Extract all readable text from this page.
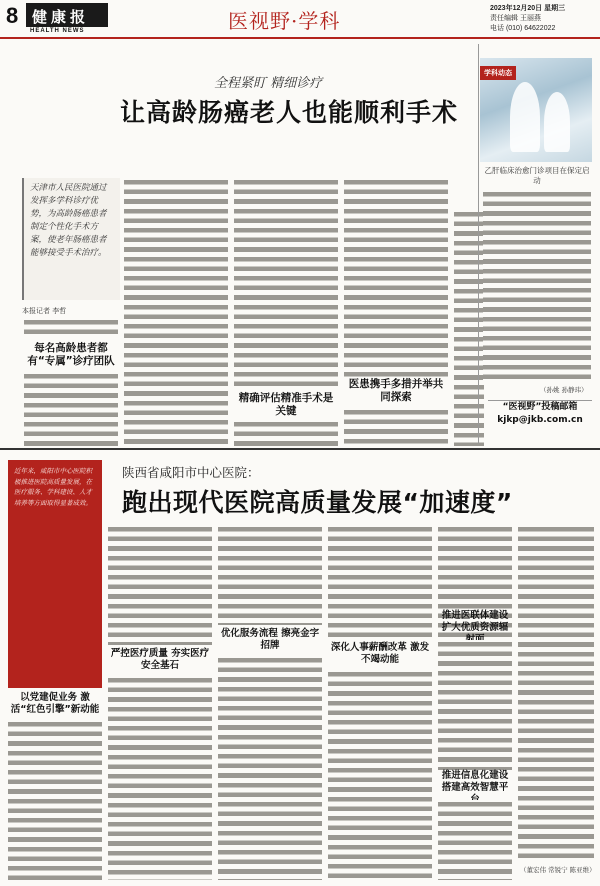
8 健康报
HEALTH NEWS	医视野·学科
2023年12月20日 星期三
责任编辑 王丽燕
电话 (010) 64622022
全程紧盯 精细诊疗
让高龄肠癌老人也能顺利手术
天津市人民医院通过发挥多学科诊疗优势，为高龄肠癌患者制定个性化手术方案，使老年肠癌患者能够接受手术治疗。
本报记者 李哲
每名高龄患者都有“专属”诊疗团队
精确评估精准手术是关键
医患携手多措并举共同探索
学科动态
乙肝临床治愈门诊项目在保定启动
（孙姚 孙静玮）
“医视野”投稿邮箱 kjkp@jkb.com.cn
近年来，咸阳市中心医院积极推进医院高质量发展，在医疗服务、学科建设、人才培养等方面取得显著成效。
陕西省咸阳市中心医院：
跑出现代医院高质量发展“加速度”
以党建促业务 激活“红色引擎”新动能
严控医疗质量 夯实医疗安全基石
优化服务流程 擦亮金字招牌	深化人事薪酬改革 激发不竭动能
推进医联体建设 扩大优质资源辐射面
推进信息化建设 搭建高效智慧平台
（董宏伟 常锐宁 陈亚维）
